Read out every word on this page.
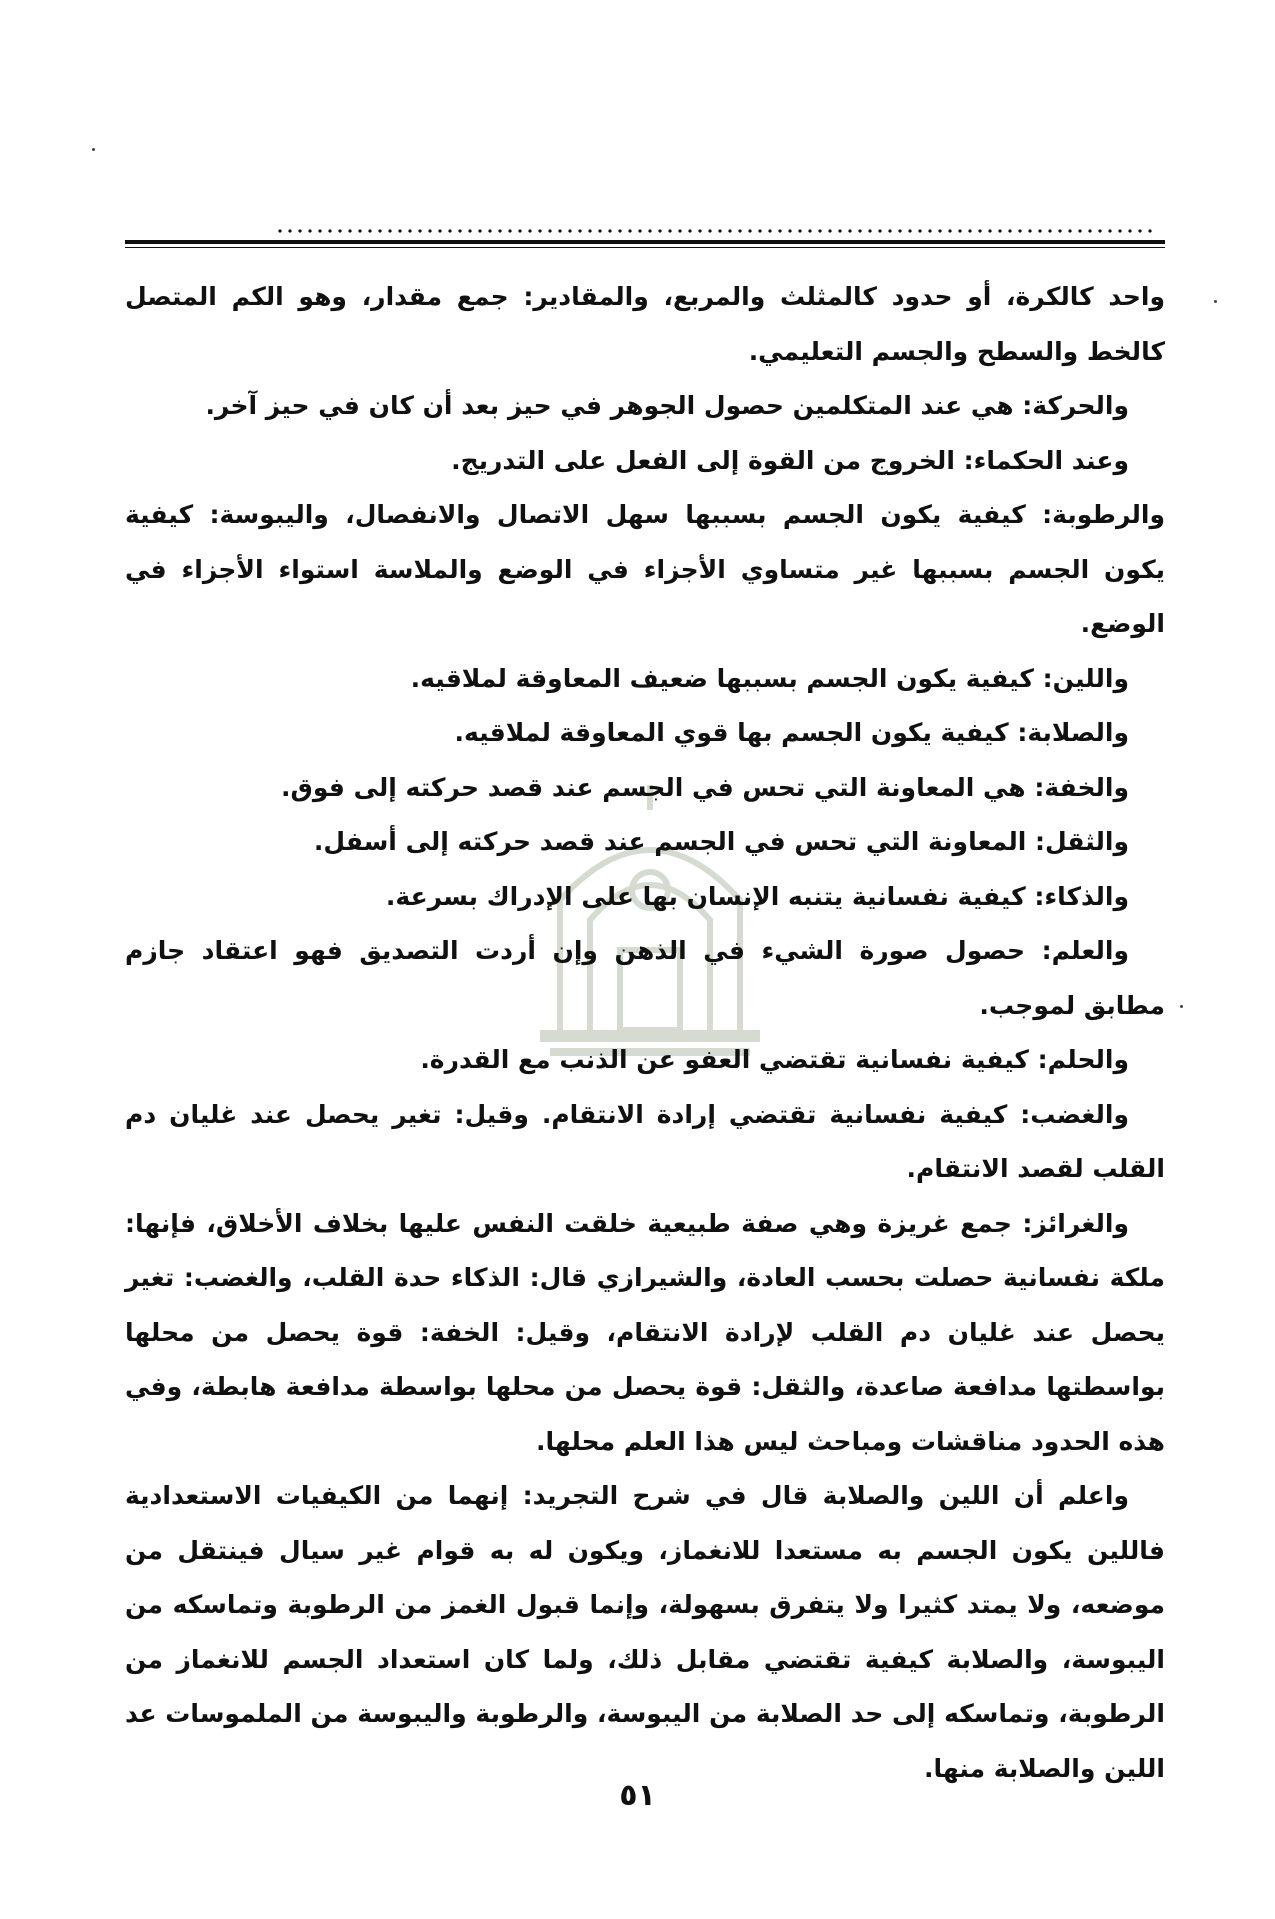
واحد كالكرة، أو حدود كالمثلث والمربع، والمقادير: جمع مقدار، وهو الكم المتصل كالخط والسطح والجسم التعليمي.

والحركة: هي عند المتكلمين حصول الجوهر في حيز بعد أن كان في حيز آخر.

وعند الحكماء: الخروج من القوة إلى الفعل على التدريج.

والرطوبة: كيفية يكون الجسم بسببها سهل الاتصال والانفصال، واليبوسة: كيفية يكون الجسم بسببها غير متساوي الأجزاء في الوضع والملاسة استواء الأجزاء في الوضع.

واللين: كيفية يكون الجسم بسببها ضعيف المعاوقة لملاقيه.

والصلابة: كيفية يكون الجسم بها قوي المعاوقة لملاقيه.

والخفة: هي المعاونة التي تحس في الجسم عند قصد حركته إلى فوق.

والثقل: المعاونة التي تحس في الجسم عند قصد حركته إلى أسفل.

والذكاء: كيفية نفسانية يتنبه الإنسان بها على الإدراك بسرعة.

والعلم: حصول صورة الشيء في الذهن وإن أردت التصديق فهو اعتقاد جازم مطابق لموجب.

والحلم: كيفية نفسانية تقتضي العفو عن الذنب مع القدرة.

والغضب: كيفية نفسانية تقتضي إرادة الانتقام. وقيل: تغير يحصل عند غليان دم القلب لقصد الانتقام.

والغرائز: جمع غريزة وهي صفة طبيعية خلقت النفس عليها بخلاف الأخلاق، فإنها: ملكة نفسانية حصلت بحسب العادة، والشيرازي قال: الذكاء حدة القلب، والغضب: تغير يحصل عند غليان دم القلب لإرادة الانتقام، وقيل: الخفة: قوة يحصل من محلها بواسطتها مدافعة صاعدة، والثقل: قوة يحصل من محلها بواسطة مدافعة هابطة، وفي هذه الحدود مناقشات ومباحث ليس هذا العلم محلها.

واعلم أن اللين والصلابة قال في شرح التجريد: إنهما من الكيفيات الاستعدادية فاللين يكون الجسم به مستعدا للانغماز، ويكون له به قوام غير سيال فينتقل من موضعه، ولا يمتد كثيرا ولا يتفرق بسهولة، وإنما قبول الغمز من الرطوبة وتماسكه من اليبوسة، والصلابة كيفية تقتضي مقابل ذلك، ولما كان استعداد الجسم للانغماز من الرطوبة، وتماسكه إلى حد الصلابة من اليبوسة، والرطوبة واليبوسة من الملموسات عد اللين والصلابة منها.

٥١
